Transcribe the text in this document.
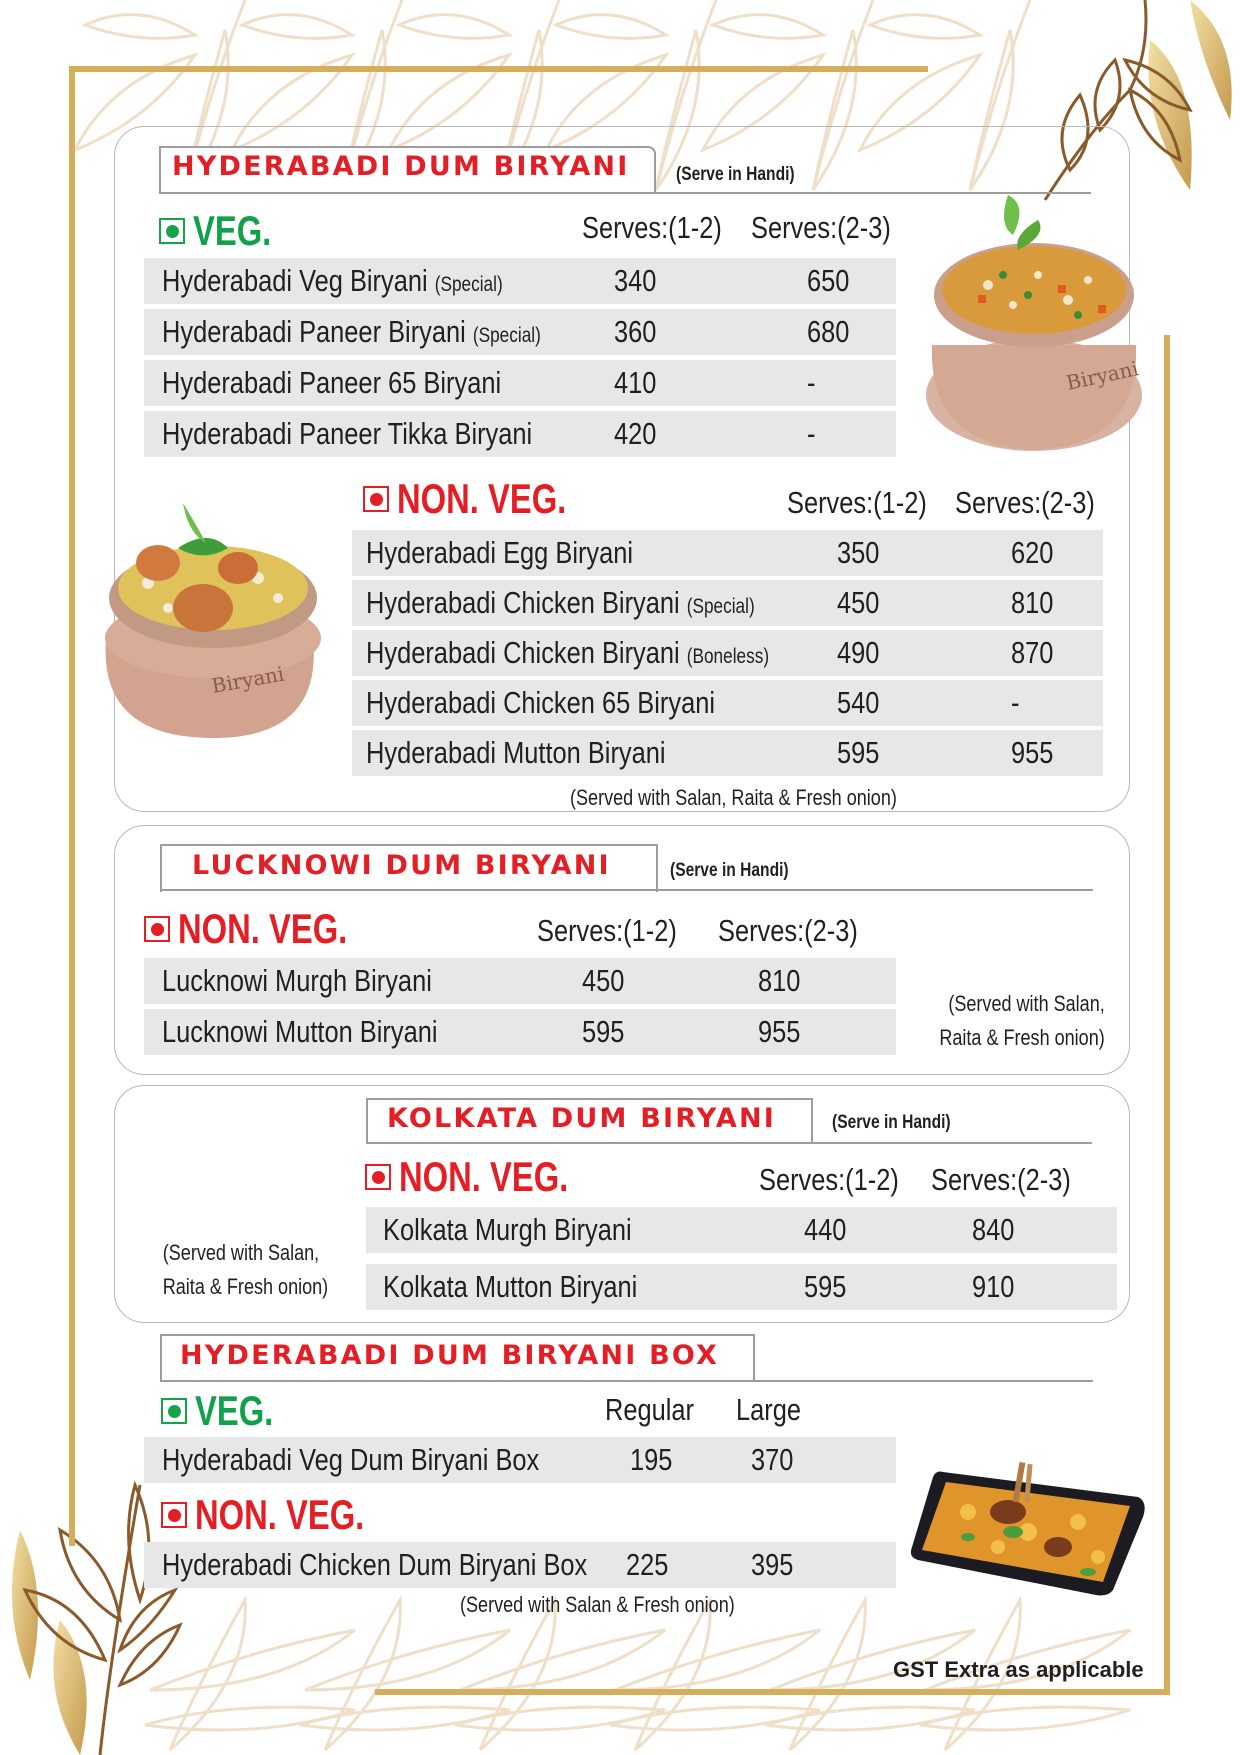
HYDERABADI DUM BIRYANI (Serve in Handi)
VEG.	Serves:(1-2) Serves:(2-3)
Hyderabadi Veg Biryani (Special)	340	650
Hyderabadi Paneer Biryani (Special) 360	680
Hyderabadi Paneer 65 Biryani	410	-
Hyderabadi Paneer Tikka Biryani	420	-
Biryani
NON. VEG.	Serves:(1-2) Serves:(2-3)
Hyderabadi Egg Biryani	350	620
Hyderabadi Chicken Biryani (Special)	450	810
Hyderabadi Chicken Biryani (Boneless) 490	870
Hyderabadi Chicken 65 Biryani	540	-
Hyderabadi Mutton Biryani	595	955
(Served with Salan, Raita & Fresh onion)
Biryani
LUCKNOWI DUM BIRYANI	(Serve in Handi)
NON. VEG.	Serves:(1-2) Serves:(2-3)
Lucknowi Murgh Biryani	450	810
Lucknowi Mutton Biryani	595	955
(Served with Salan,
Raita & Fresh onion)
KOLKATA DUM BIRYANI	(Serve in Handi)
NON. VEG.	Serves:(1-2) Serves:(2-3)
Kolkata Murgh Biryani	440	840
Kolkata Mutton Biryani	595	910
(Served with Salan,
Raita & Fresh onion)
HYDERABADI DUM BIRYANI BOX
VEG.	Regular Large
Hyderabadi Veg Dum Biryani Box	195	370
NON. VEG.
Hyderabadi Chicken Dum Biryani Box 225	395
(Served with Salan & Fresh onion)
GST Extra as applicable
